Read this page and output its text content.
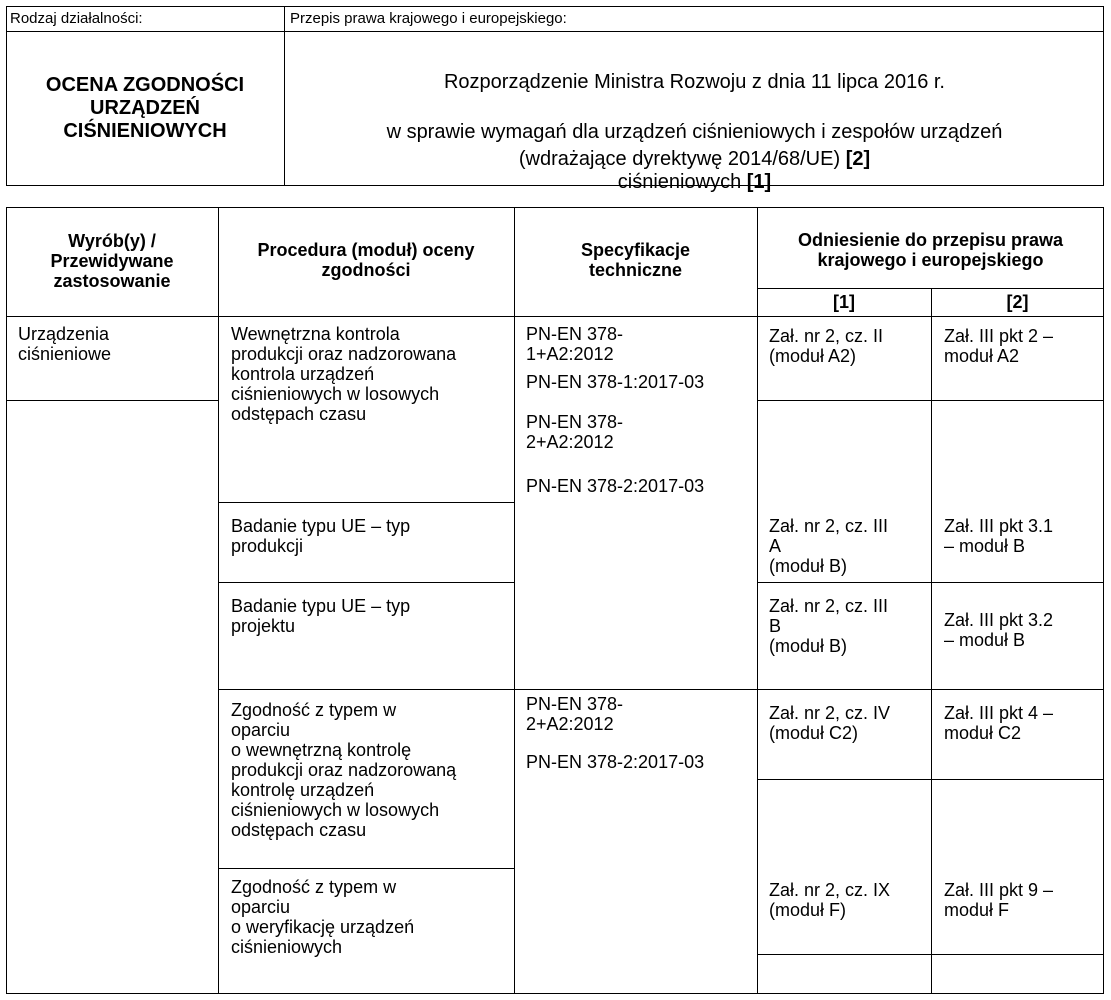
Rodzaj działalności:	Przepis prawa krajowego i europejskiego:
OCENA ZGODNOŚCI
URZĄDZEŃ
CIŚNIENIOWYCH

Rozporządzenie Ministra Rozwoju z dnia 11 lipca 2016 r.

w sprawie wymagań dla urządzeń ciśnieniowych i zespołów urządzeń

ciśnieniowych [1]

(wdrażające dyrektywę 2014/68/UE) [2]
Wyrób(y) /
Przewidywane
zastosowanie
Procedura (moduł) oceny
zgodności
Specyfikacje
techniczne
Odniesienie do przepisu prawa
krajowego i europejskiego
[1]	[2]
Urządzenia
ciśnieniowe
PN-EN 378-
1+A2:2012
PN-EN 378-1:2017-03
PN-EN 378-
2+A2:2012
PN-EN 378-2:2017-03
PN-EN 378-
2+A2:2012
PN-EN 378-2:2017-03
Wewnętrzna kontrola
produkcji oraz nadzorowana
kontrola urządzeń
ciśnieniowych w losowych
odstępach czasu
Zał. nr 2, cz. II
(moduł A2)
Zał. III pkt 2 –
moduł A2
Badanie typu UE – typ
produkcji
Zał. nr 2, cz. III
A
(moduł B)
Zał. III pkt 3.1
– moduł B
Badanie typu UE – typ
projektu
Zał. nr 2, cz. III
B
(moduł B)
Zał. III pkt 3.2
– moduł B
Zgodność z typem w
oparciu
o wewnętrzną kontrolę
produkcji oraz nadzorowaną
kontrolę urządzeń
ciśnieniowych w losowych
odstępach czasu
Zał. nr 2, cz. IV
(moduł C2)
Zał. III pkt 4 –
moduł C2
Zgodność z typem w
oparciu
o weryfikację urządzeń
ciśnieniowych
Zał. nr 2, cz. IX
(moduł F)
Zał. III pkt 9 –
moduł F
